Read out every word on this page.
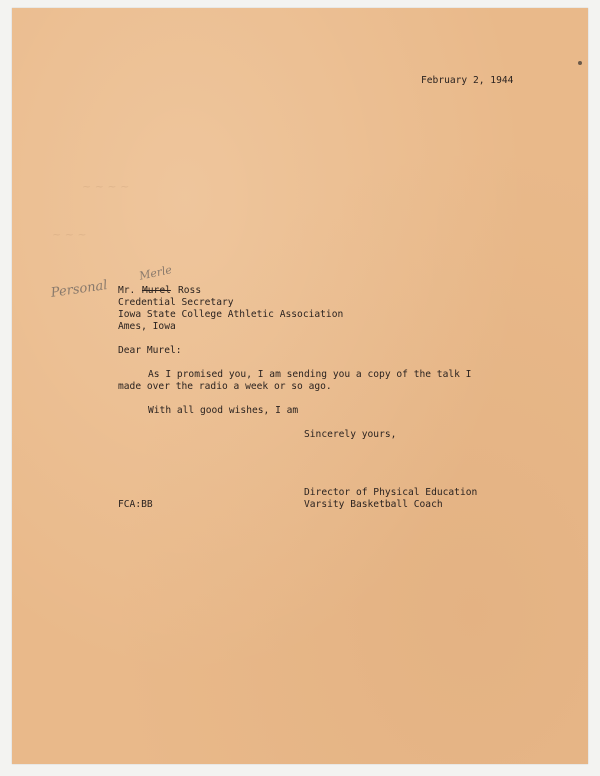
~ ~ ~ ~
~ ~ ~
February 2, 1944
Personal
Merle
Mr. Murel Ross
Credential Secretary
Iowa State College Athletic Association
Ames, Iowa
Dear Murel:
As I promised you, I am sending you a copy of the talk I
made over the radio a week or so ago.
With all good wishes, I am
Sincerely yours,
Director of Physical Education
Varsity Basketball Coach
FCA:BB
